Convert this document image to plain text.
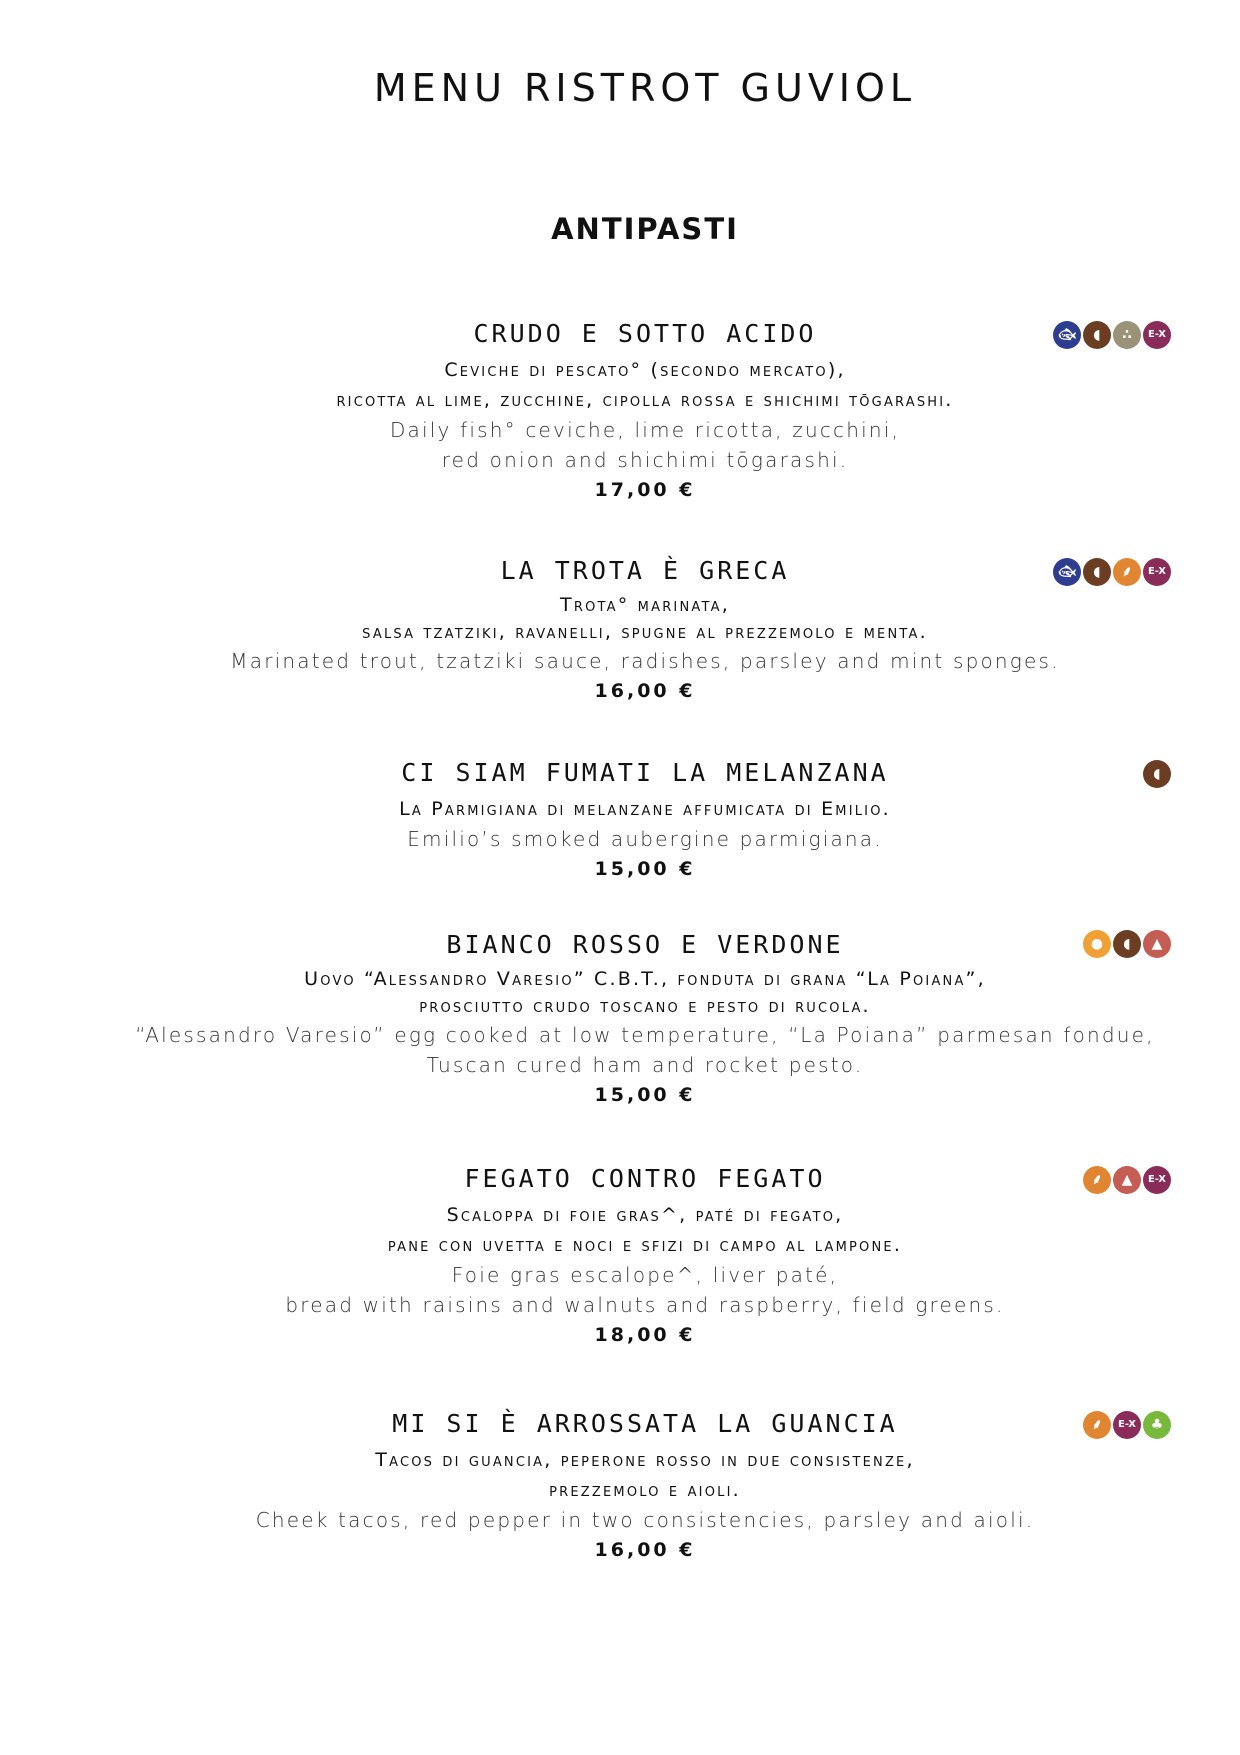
MENU RISTROT GUVIOL
ANTIPASTI
CRUDO E SOTTO ACIDO
Ceviche di pescato° (secondo mercato),
ricotta al lime, zucchine, cipolla rossa e shichimi tōgarashi.
Daily fish° ceviche, lime ricotta, zucchini,
red onion and shichimi tōgarashi.
17,00 €
🐟︎	◖	∴	E-X
LA TROTA È GRECA
Trota° marinata,
salsa tzatziki, ravanelli, spugne al prezzemolo e menta.
Marinated trout, tzatziki sauce, radishes, parsley and mint sponges.
16,00 €
🐟︎	◖	⸙	E-X
CI SIAM FUMATI LA MELANZANA
La Parmigiana di melanzane affumicata di Emilio.
Emilio’s smoked aubergine parmigiana.
15,00 €
◖
BIANCO ROSSO E VERDONE
Uovo “Alessandro Varesio” C.B.T., fonduta di grana “La Poiana”,
prosciutto crudo toscano e pesto di rucola.
“Alessandro Varesio” egg cooked at low temperature, “La Poiana” parmesan fondue,
Tuscan cured ham and rocket pesto.
15,00 €
●	◖	▲
FEGATO CONTRO FEGATO
Scaloppa di foie gras^, paté di fegato,
pane con uvetta e noci e sfizi di campo al lampone.
Foie gras escalope^, liver paté,
bread with raisins and walnuts and raspberry, field greens.
18,00 €
⸙	▲	E-X
MI SI È ARROSSATA LA GUANCIA
Tacos di guancia, peperone rosso in due consistenze,
prezzemolo e aioli.
Cheek tacos, red pepper in two consistencies, parsley and aioli.
16,00 €
⸙	E-X	♣
